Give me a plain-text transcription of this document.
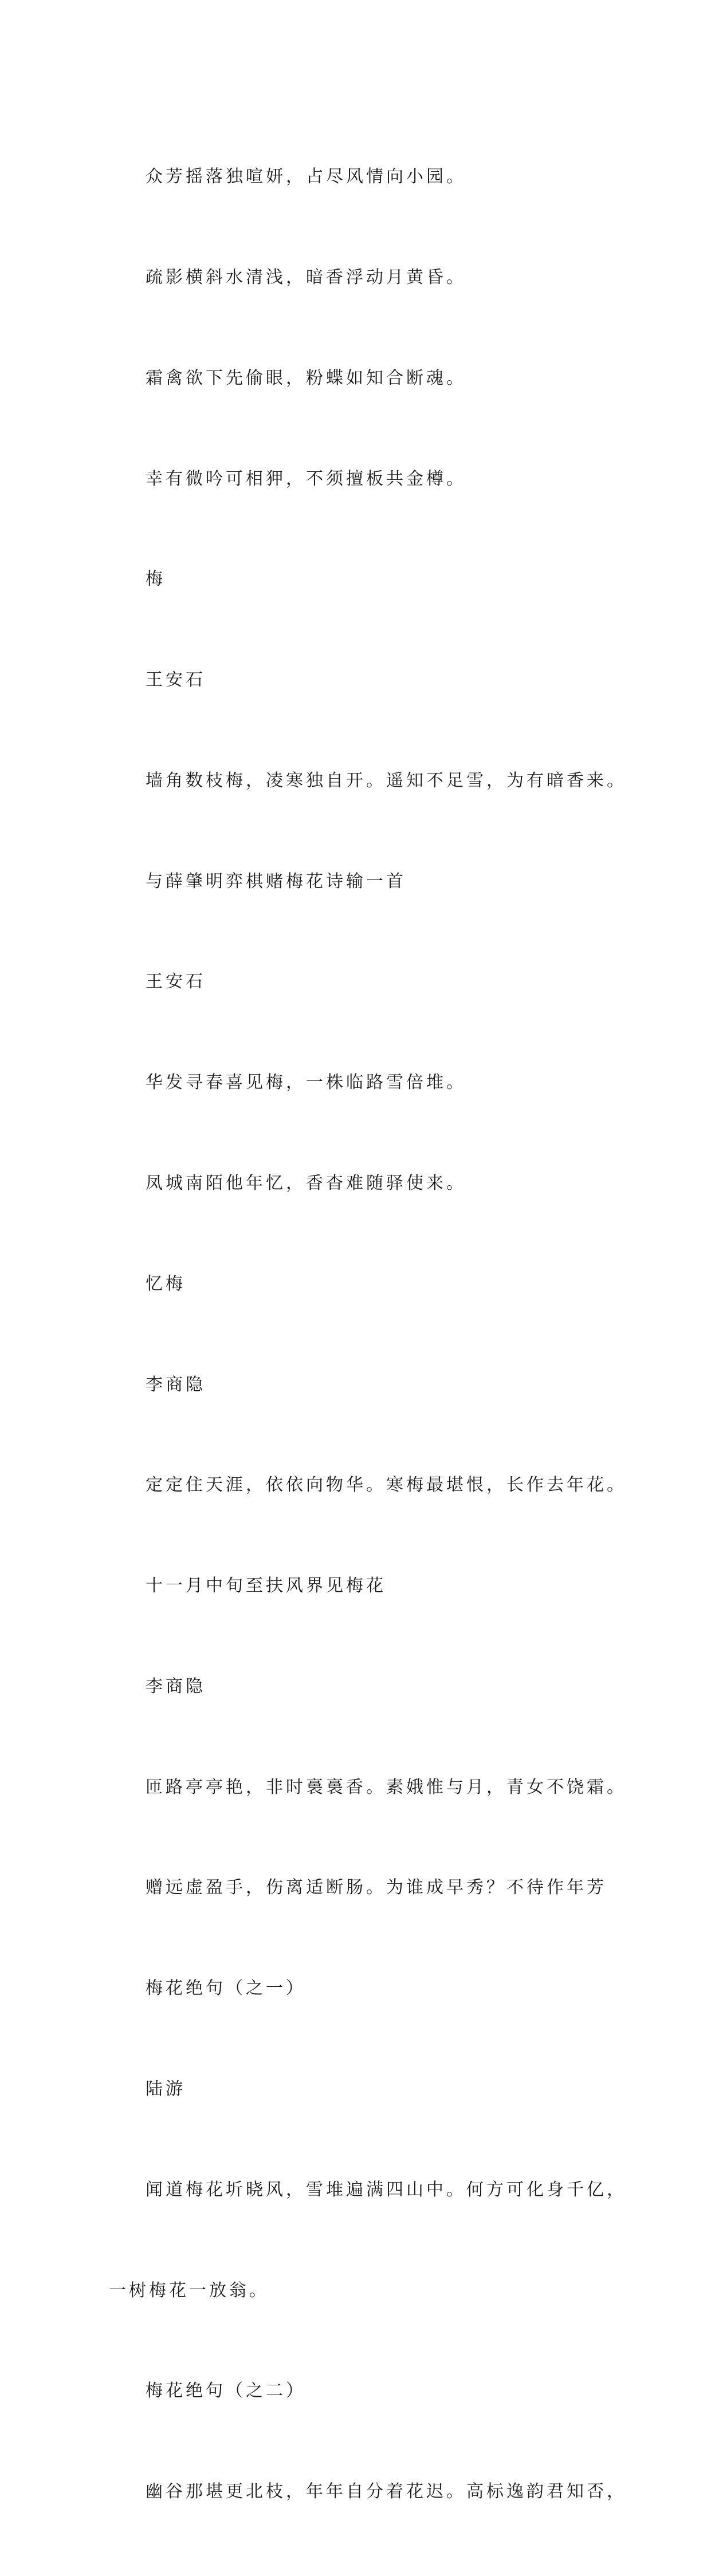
众芳摇落独喧妍，占尽风情向小园。

疏影横斜水清浅，暗香浮动月黄昏。

霜禽欲下先偷眼，粉蝶如知合断魂。

幸有微吟可相狎，不须擅板共金樽。

梅

王安石

墙角数枝梅，凌寒独自开。遥知不足雪，为有暗香来。

与薛肇明弈棋赌梅花诗输一首

王安石

华发寻春喜见梅，一株临路雪倍堆。

凤城南陌他年忆，香杳难随驿使来。

忆梅

李商隐

定定住天涯，依依向物华。寒梅最堪恨，长作去年花。

十一月中旬至扶风界见梅花

李商隐

匝路亭亭艳，非时裛裛香。素娥惟与月，青女不饶霜。

赠远虚盈手，伤离适断肠。为谁成早秀？不待作年芳

梅花绝句（之一）

陆游

闻道梅花圻晓风，雪堆遍满四山中。何方可化身千亿，

一树梅花一放翁。

梅花绝句（之二）

幽谷那堪更北枝，年年自分着花迟。高标逸韵君知否，
